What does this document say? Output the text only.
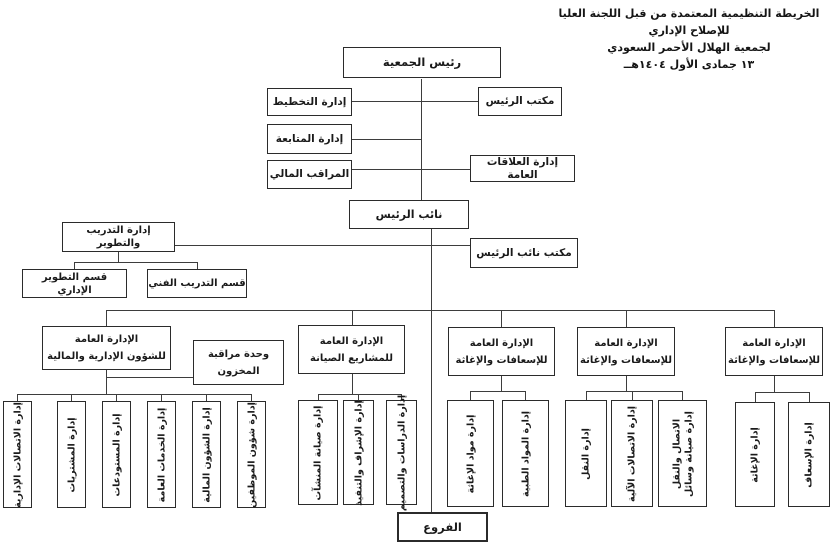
الخريطة التنظيمية المعتمدة من قبل اللجنة العليا
للإصلاح الإداري
لجمعية الهلال الأحمر السعودي
١٣ جمادى الأول ١٤٠٤هــ
رئيس الجمعية
إدارة التخطيط
إدارة المتابعة
المراقب المالي
مكتب الرئيس
إدارة العلاقات العامة
نائب الرئيس
مكتب نائب الرئيس
إدارة التدريب والتطوير
قسم التطوير الإداري
قسم التدريب الفني
الإدارة العامة
للشؤون الإدارية والمالية	وحدة مراقبة
المخزون
الإدارة العامة
للمشاريع الصيانة
الإدارة العامة
للإسعافات والإغاثة
الإدارة العامة
للإسعافات والإغاثة
الإدارة العامة
للإسعافات والإغاثة
إدارة شؤون الموظفين
إدارة الشؤون المالية
إدارة الخدمات العامة
إدارة المستودعات
إدارة المشتريات
إدارة الاتصالات الإدارية	إدارة الدراسات والتصميم
إدارة الإشراف والتنفيذ
إدارة صيانة المنشآت	إدارة المواد الطبية
إدارة مواد الإغاثة	الاتصال والنقل إدارة صيانة وسائل
إدارة الاتصالات الآلية
إدارة النقل	إدارة الإسعاف
إدارة الإغاثة
الفروع
